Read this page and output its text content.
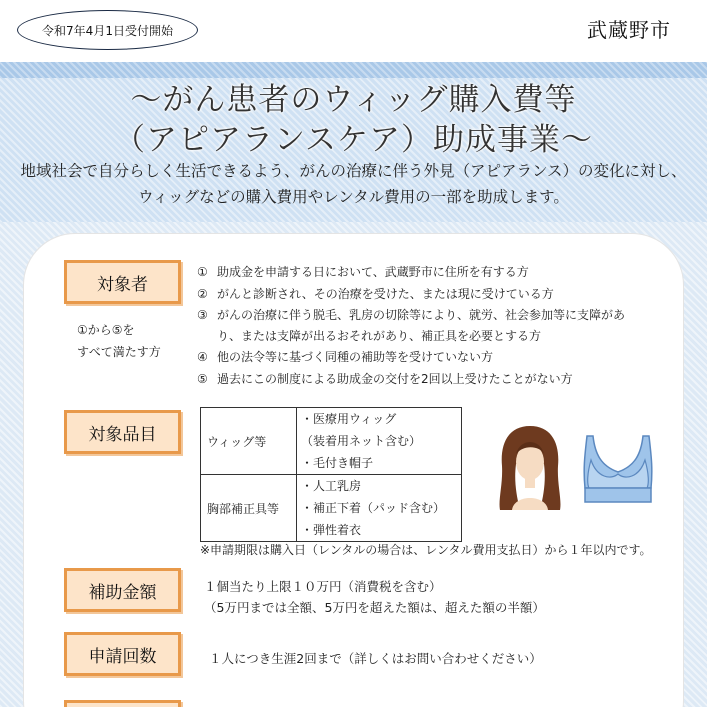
令和7年4月1日受付開始	武蔵野市
～がん患者のウィッグ購入費等
（アピアランスケア）助成事業～
地域社会で自分らしく生活できるよう、がんの治療に伴う外見（アピアランス）の変化に対し、
ウィッグなどの購入費用やレンタル費用の一部を助成します。
対象者
①から⑤を
すべて満たす方
① 助成金を申請する日において、武蔵野市に住所を有する方
② がんと診断され、その治療を受けた、または現に受けている方
③ がんの治療に伴う脱毛、乳房の切除等により、就労、社会参加等に支障があ
り、または支障が出るおそれがあり、補正具を必要とする方
④ 他の法令等に基づく同種の補助等を受けていない方
⑤ 過去にこの制度による助成金の交付を2回以上受けたことがない方
対象品目	ウィッグ等	・医療用ウィッグ
（装着用ネット含む）
・毛付き帽子

胸部補正具等	・人工乳房
・補正下着（パッド含む）
・弾性着衣
※申請期限は購入日（レンタルの場合は、レンタル費用支払日）から１年以内です。
補助金額	１個当たり上限１０万円（消費税を含む）
（5万円までは全額、5万円を超えた額は、超えた額の半額）
申請回数	１人につき生涯2回まで（詳しくはお問い合わせください）
